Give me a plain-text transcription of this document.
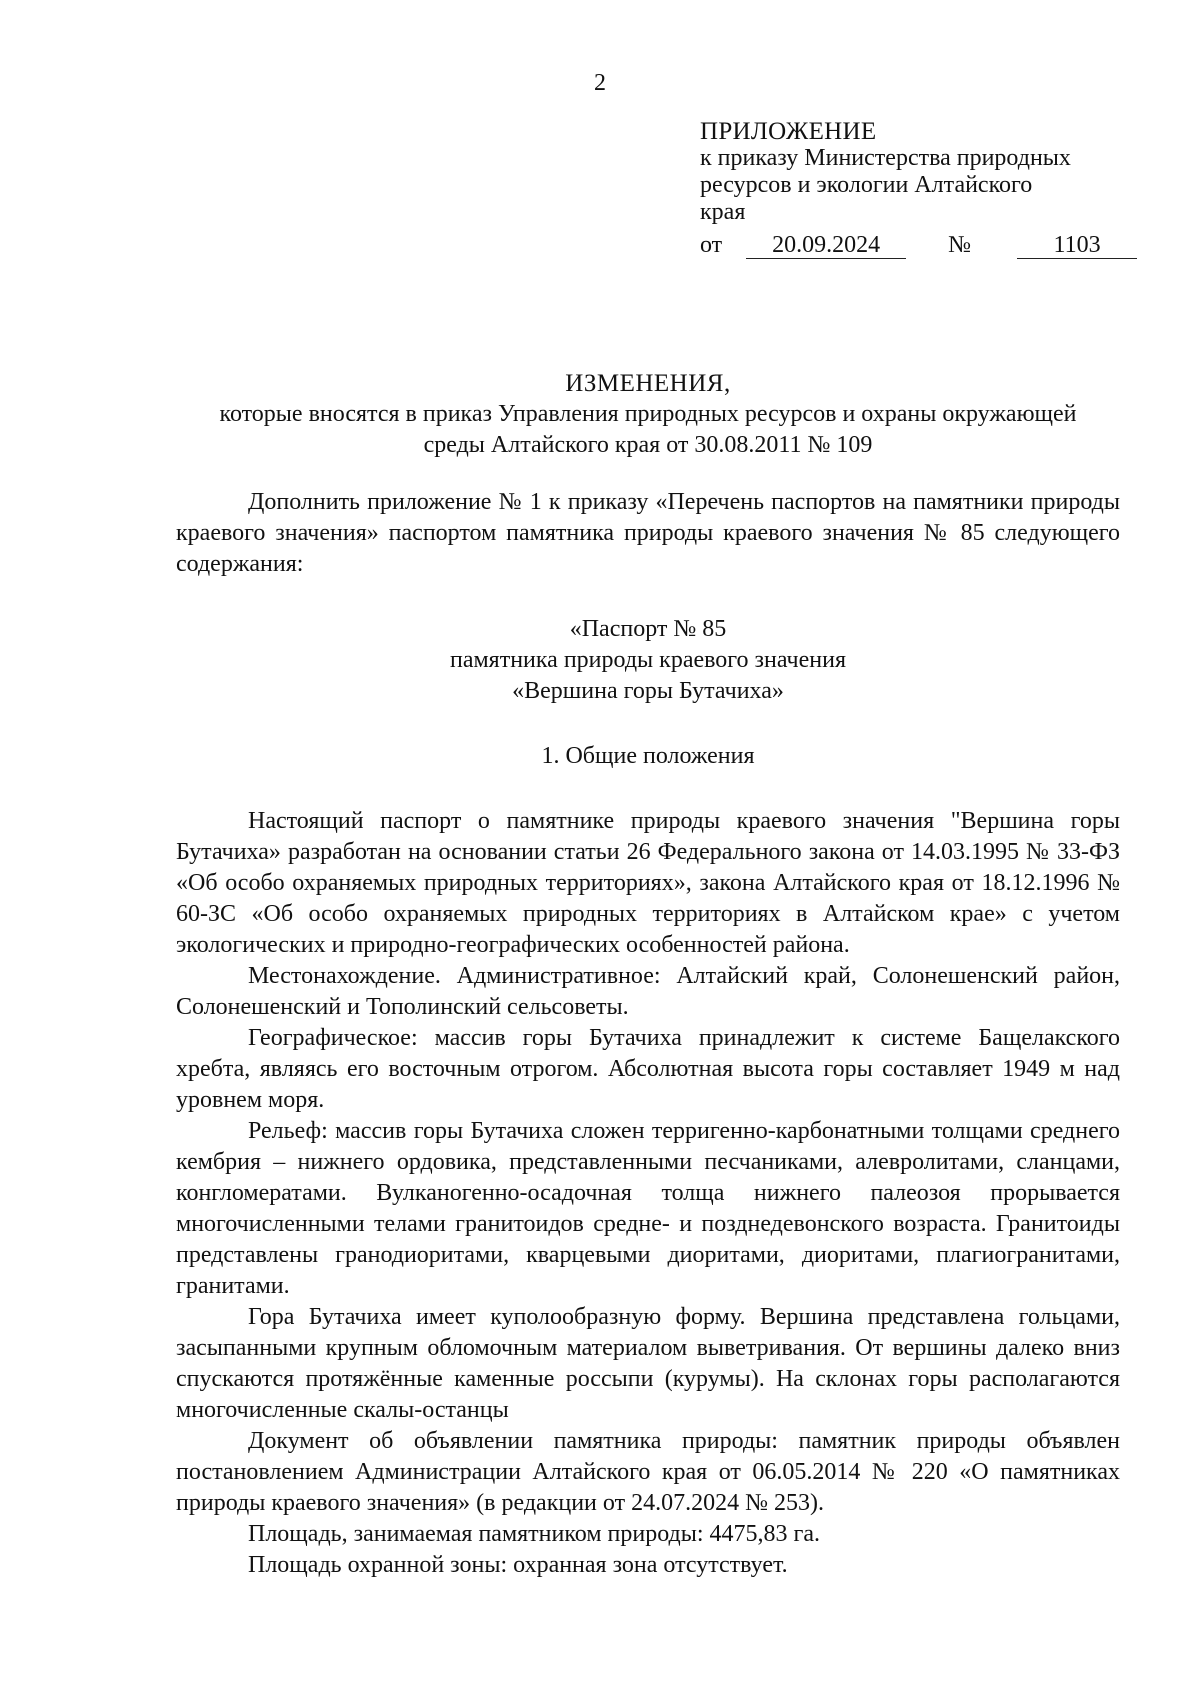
2
ПРИЛОЖЕНИЕ
к приказу Министерства природных
ресурсов и экологии Алтайского
края
от 20.09.2024	№	1103
ИЗМЕНЕНИЯ,
которые вносятся в приказ Управления природных ресурсов и охраны окружающей
среды Алтайского края от 30.08.2011 № 109

Дополнить приложение № 1 к приказу «Перечень паспортов на памятники природы краевого значения» паспортом памятника природы краевого значения № 85 следующего содержания:

«Паспорт № 85
памятника природы краевого значения
«Вершина горы Бутачиха»
1. Общие положения

Настоящий паспорт о памятнике природы краевого значения "Вершина горы Бутачиха» разработан на основании статьи 26 Федерального закона от 14.03.1995 № 33-ФЗ «Об особо охраняемых природных территориях», закона Алтайского края от 18.12.1996 № 60-ЗС «Об особо охраняемых природных территориях в Алтайском крае» с учетом экологических и природно-географических особенностей района.

Местонахождение. Административное: Алтайский край, Солонешенский район, Солонешенский и Тополинский сельсоветы.

Географическое: массив горы Бутачиха принадлежит к системе Бащелакского хребта, являясь его восточным отрогом. Абсолютная высота горы составляет 1949 м над уровнем моря.

Рельеф: массив горы Бутачиха сложен терригенно-карбонатными толщами среднего кембрия – нижнего ордовика, представленными песчаниками, алевролитами, сланцами, конгломератами. Вулканогенно-осадочная толща нижнего палеозоя прорывается многочисленными телами гранитоидов средне- и позднедевонского возраста. Гранитоиды представлены гранодиоритами, кварцевыми диоритами, диоритами, плагиогранитами, гранитами.

Гора Бутачиха имеет куполообразную форму. Вершина представлена гольцами, засыпанными крупным обломочным материалом выветривания. От вершины далеко вниз спускаются протяжённые каменные россыпи (курумы). На склонах горы располагаются многочисленные скалы-останцы

Документ об объявлении памятника природы: памятник природы объявлен постановлением Администрации Алтайского края от 06.05.2014 № 220 «О памятниках природы краевого значения» (в редакции от 24.07.2024 № 253).

Площадь, занимаемая памятником природы: 4475,83 га.

Площадь охранной зоны: охранная зона отсутствует.
